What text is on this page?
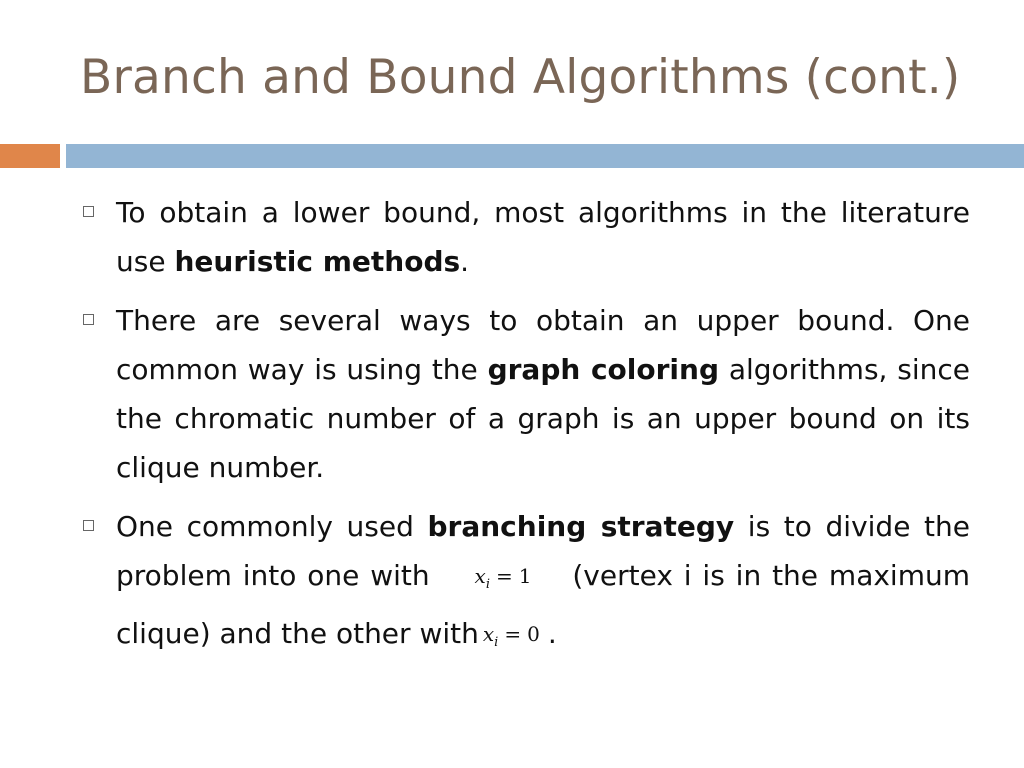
Branch and Bound Algorithms (cont.)
To obtain a lower bound, most algorithms in the literature use heuristic methods.
There are several ways to obtain an upper bound. One common way is using the graph coloring algorithms, since the chromatic number of a graph is an upper bound on its clique number.
One commonly used branching strategy is to divide the problem into one with $x_i = 1$ (vertex i is in the maximum clique) and the other with $x_i = 0$ .
